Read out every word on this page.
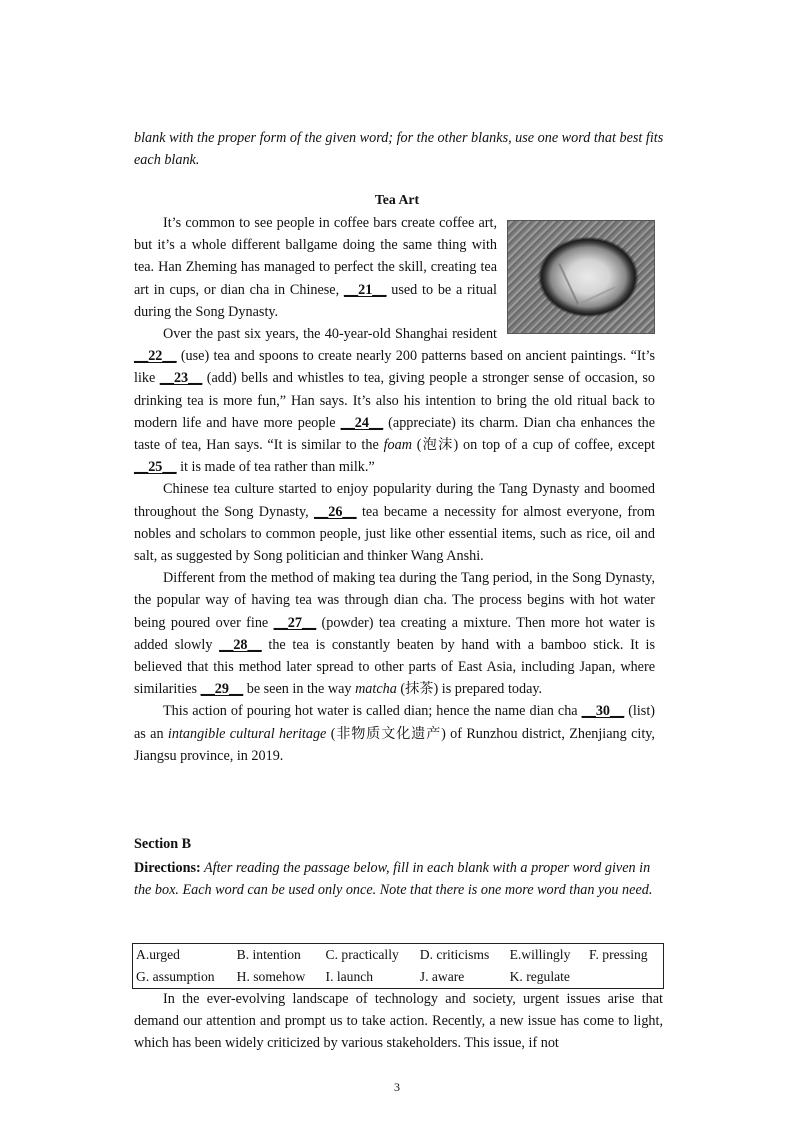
blank with the proper form of the given word; for the other blanks, use one word that best fits each blank.

Tea Art

It’s common to see people in coffee bars create coffee art, but it’s a whole different ballgame doing the same thing with tea. Han Zheming has managed to perfect the skill, creating tea art in cups, or dian cha in Chinese, __21__ used to be a ritual during the Song Dynasty.

Over the past six years, the 40-year-old Shanghai resident __22__ (use) tea and spoons to create nearly 200 patterns based on ancient paintings. “It’s like __23__ (add) bells and whistles to tea, giving people a stronger sense of occasion, so drinking tea is more fun,” Han says. It’s also his intention to bring the old ritual back to modern life and have more people __24__ (appreciate) its charm. Dian cha enhances the taste of tea, Han says. “It is similar to the foam (泡沫) on top of a cup of coffee, except __25__ it is made of tea rather than milk.”

Chinese tea culture started to enjoy popularity during the Tang Dynasty and boomed throughout the Song Dynasty, __26__ tea became a necessity for almost everyone, from nobles and scholars to common people, just like other essential items, such as rice, oil and salt, as suggested by Song politician and thinker Wang Anshi.

Different from the method of making tea during the Tang period, in the Song Dynasty, the popular way of having tea was through dian cha. The process begins with hot water being poured over fine __27__ (powder) tea creating a mixture. Then more hot water is added slowly __28__ the tea is constantly beaten by hand with a bamboo stick. It is believed that this method later spread to other parts of East Asia, including Japan, where similarities __29__ be seen in the way matcha (抹茶) is prepared today.

This action of pouring hot water is called dian; hence the name dian cha __30__ (list) as an intangible cultural heritage (非物质文化遗产) of Runzhou district, Zhenjiang city, Jiangsu province, in 2019.

Section B

Directions: After reading the passage below, fill in each blank with a proper word given in the box. Each word can be used only once. Note that there is one more word than you need.

A.urged	B. intention	C. practically	D. criticisms	E.willingly	F. pressing
G. assumption	H. somehow	I. launch	J. aware	K. regulate	

In the ever-evolving landscape of technology and society, urgent issues arise that demand our attention and prompt us to take action. Recently, a new issue has come to light, which has been widely criticized by various stakeholders. This issue, if not

3
